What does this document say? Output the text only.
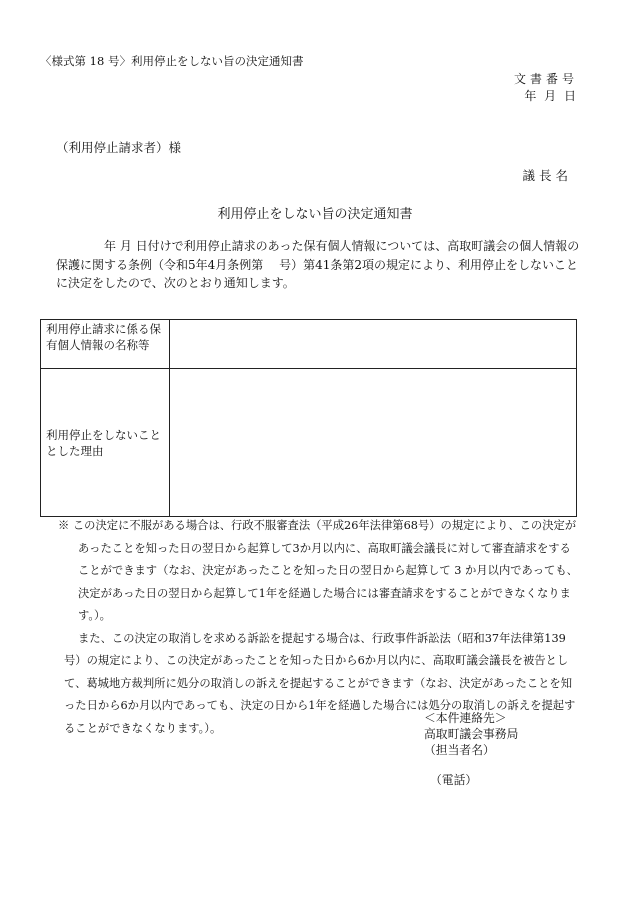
〈様式第 18 号〉利用停止をしない旨の決定通知書
文書番号
年 月 日
（利用停止請求者）様
議長名
利用停止をしない旨の決定通知書

　　　　年 月 日付けで利用停止請求のあった保有個人情報については、高取町議会の個人情報の保護に関する条例（令和5年4月条例第　 号）第41条第2項の規定により、利用停止をしないことに決定をしたので、次のとおり通知します。

利用停止請求に係る保有個人情報の名称等	
利用停止をしないこととした理由	

※ この決定に不服がある場合は、行政不服審査法（平成26年法律第68号）の規定により、この決定があったことを知った日の翌日から起算して3か月以内に、高取町議会議長に対して審査請求をすることができます（なお、決定があったことを知った日の翌日から起算して 3 か月以内であっても、決定があった日の翌日から起算して1年を経過した場合には審査請求をすることができなくなります。）。

また、この決定の取消しを求める訴訟を提起する場合は、行政事件訴訟法（昭和37年法律第139号）の規定により、この決定があったことを知った日から6か月以内に、高取町議会議長を被告として、葛城地方裁判所に処分の取消しの訴えを提起することができます（なお、決定があったことを知った日から6か月以内であっても、決定の日から1年を経過した場合には処分の取消しの訴えを提起することができなくなります。）。

＜本件連絡先＞
高取町議会事務局
（担当者名）
（電話）
